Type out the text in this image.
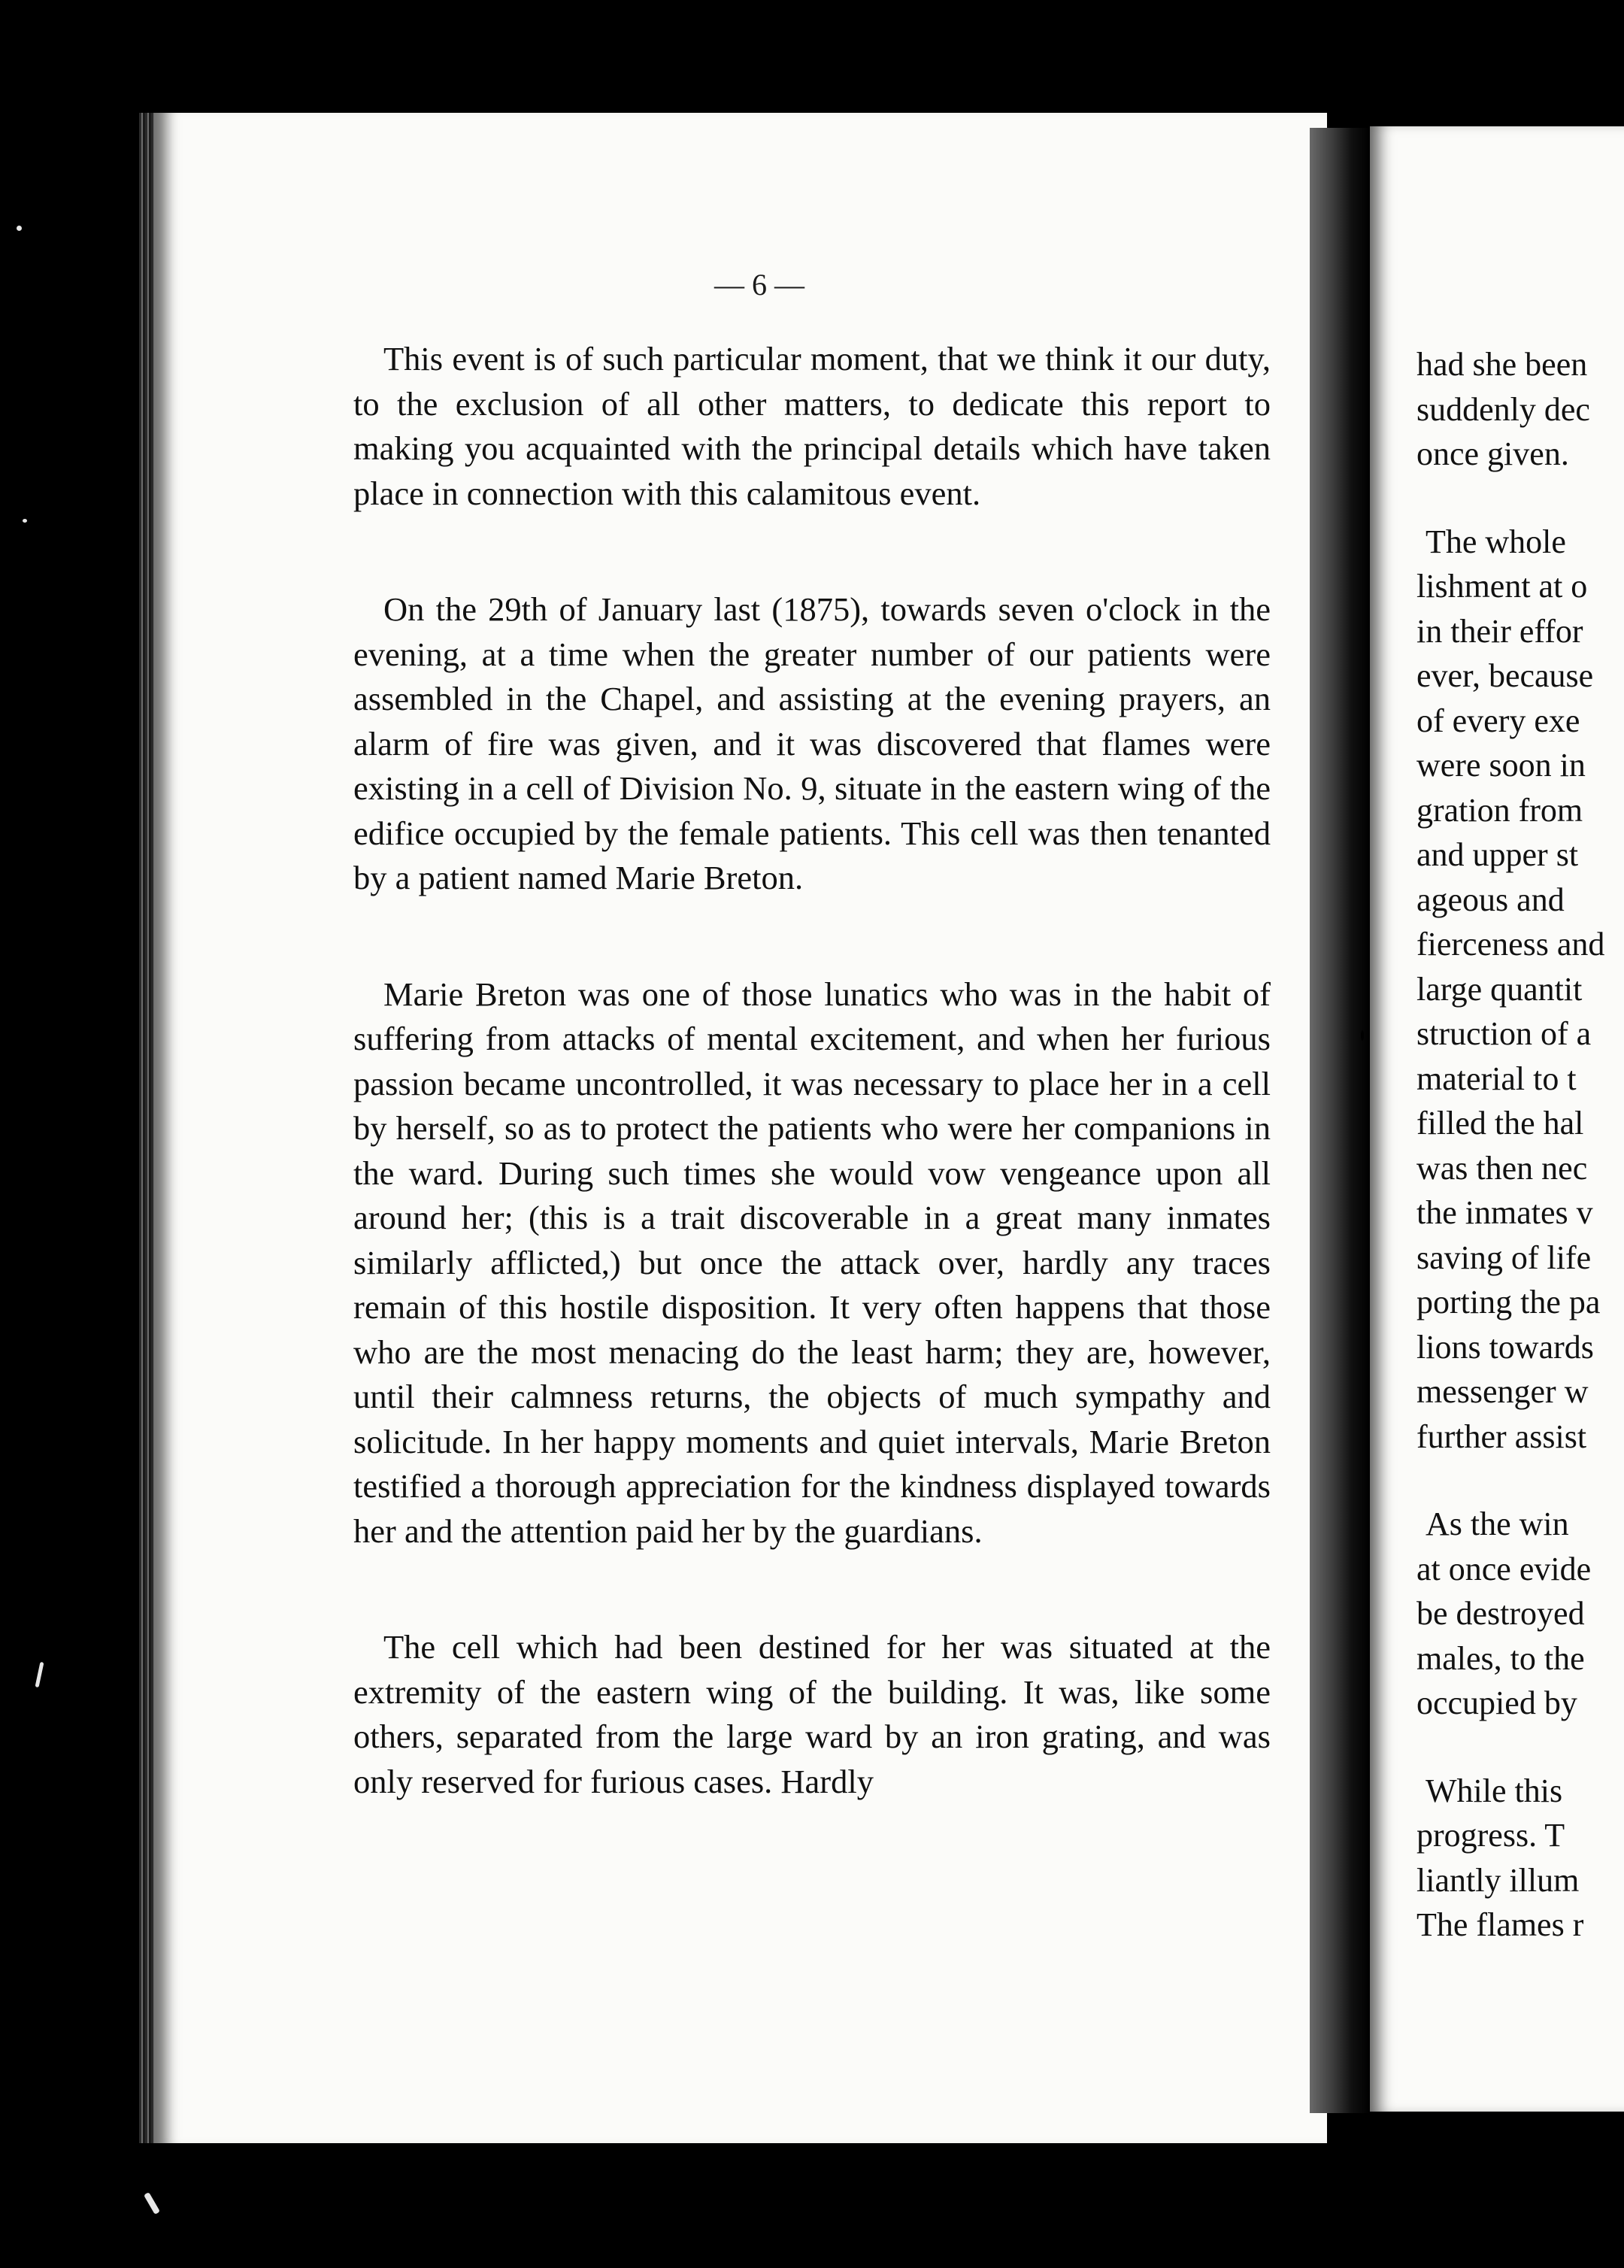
— 6 —

This event is of such particular moment, that we think it our duty, to the exclusion of all other matters, to dedicate this report to making you acquainted with the principal details which have taken place in connection with this calamitous event.

On the 29th of January last (1875), towards seven o'clock in the evening, at a time when the greater number of our patients were assembled in the Chapel, and assisting at the evening prayers, an alarm of fire was given, and it was discovered that flames were existing in a cell of Division No. 9, situate in the eastern wing of the edifice occupied by the female patients. This cell was then tenanted by a patient named Marie Breton.

Marie Breton was one of those lunatics who was in the habit of suffering from attacks of mental excitement, and when her furious passion became uncontrolled, it was necessary to place her in a cell by herself, so as to protect the patients who were her companions in the ward. During such times she would vow vengeance upon all around her; (this is a trait discoverable in a great many inmates similarly afflicted,) but once the attack over, hardly any traces remain of this hostile disposition. It very often happens that those who are the most menacing do the least harm; they are, however, until their calmness returns, the objects of much sympathy and solicitude. In her happy moments and quiet intervals, Marie Breton testified a thorough appreciation for the kindness displayed towards her and the attention paid her by the guardians.

The cell which had been destined for her was situated at the extremity of the eastern wing of the building. It was, like some others, separated from the large ward by an iron grating, and was only reserved for furious cases. Hardly

had she been
suddenly dec
once given.
The whole
lishment at o
in their effor
ever, because
of every exe
were soon in
gration from
and upper st
ageous and
fierceness and
large quantit
struction of a
material to t
filled the hal
was then nec
the inmates v
saving of life
porting the pa
lions towards
messenger w
further assist
As the win
at once evide
be destroyed
males, to the
occupied by
While this
progress. T
liantly illum
The flames r
